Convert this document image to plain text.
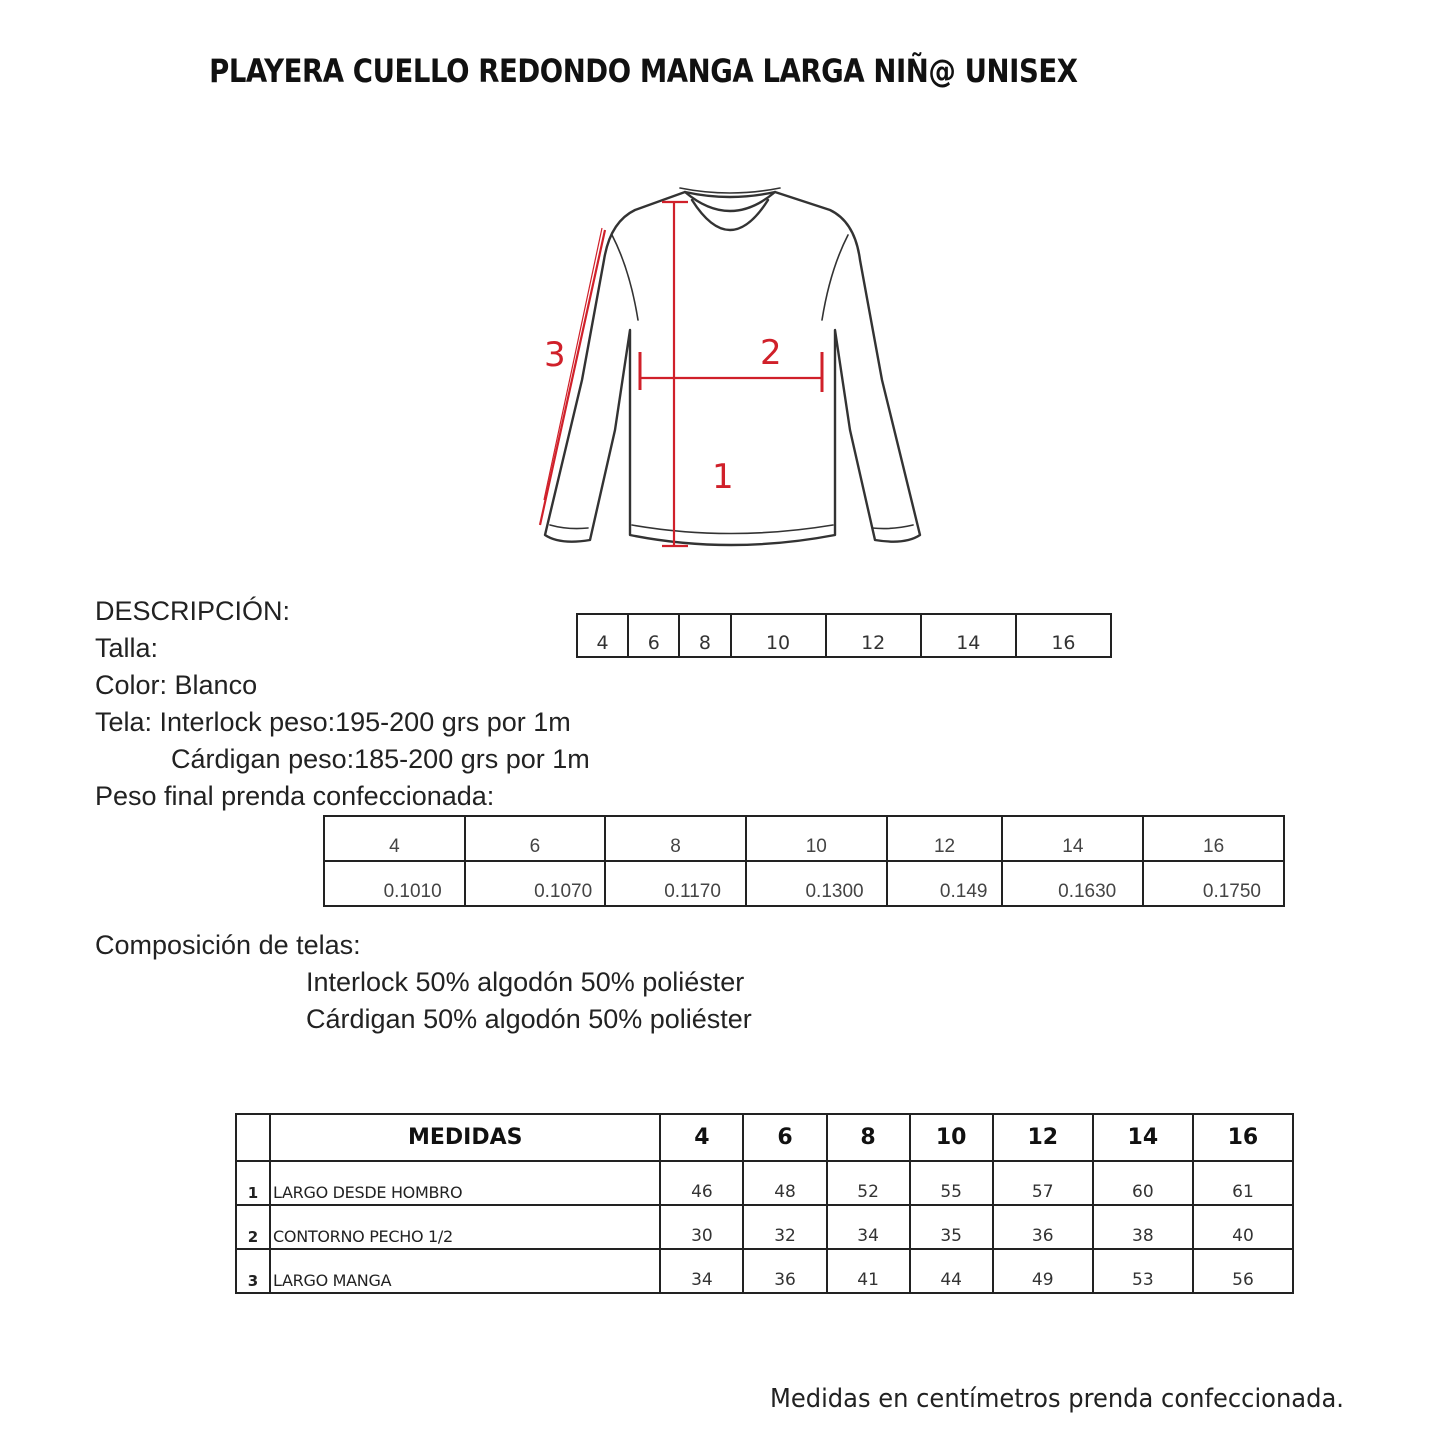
PLAYERA CUELLO REDONDO MANGA LARGA NIÑ@ UNISEX
1
2
3
DESCRIPCIÓN:
Talla:
Color: Blanco
Tela: Interlock peso:195-200 grs por 1m
Cárdigan peso:185-200 grs por 1m
Peso final prenda confeccionada:
4	6	8	10	12	14	16
4	6	8	10	12	14	16
0.1010	0.1070	0.1170	0.1300	0.149	0.1630	0.1750
Composición de telas:
Interlock 50% algodón 50% poliéster
Cárdigan 50% algodón 50% poliéster
	MEDIDAS	4	6	8	10	12	14	16
1	LARGO DESDE HOMBRO	46	48	52	55	57	60	61
2	CONTORNO PECHO 1/2	30	32	34	35	36	38	40
3	LARGO MANGA	34	36	41	44	49	53	56
Medidas en centímetros prenda confeccionada.
